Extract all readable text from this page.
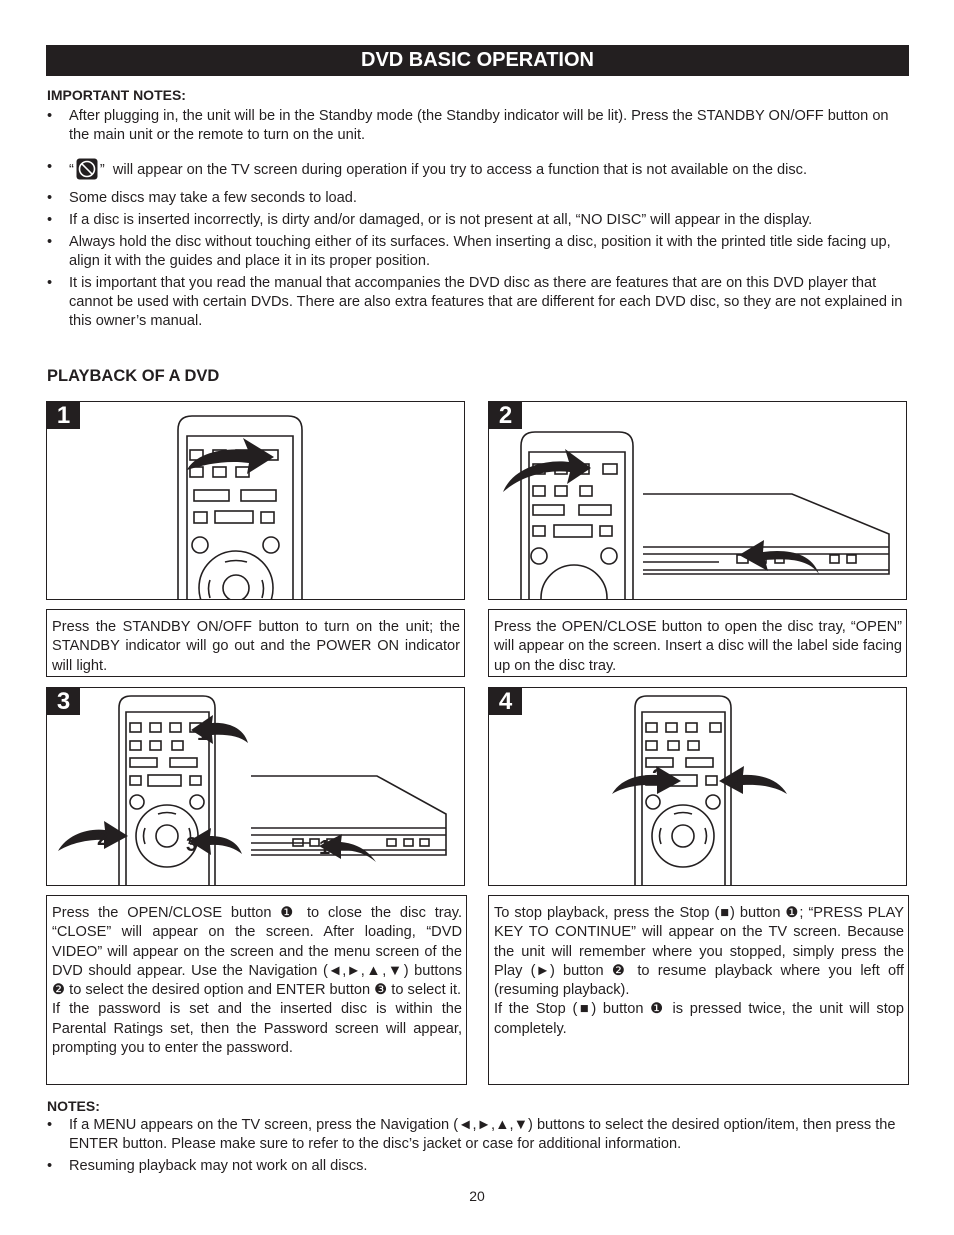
DVD BASIC OPERATION
IMPORTANT NOTES:
• After plugging in, the unit will be in the Standby mode (the Standby indicator will be lit). Press the STANDBY ON/OFF button on the main unit or the remote to turn on the unit.
• “ ”  will appear on the TV screen during operation if you try to access a function that is not available on the disc.
• Some discs may take a few seconds to load.
• If a disc is inserted incorrectly, is dirty and/or damaged, or is not present at all, “NO DISC” will appear in the display.
• Always hold the disc without touching either of its surfaces. When inserting a disc, position it with the printed title side facing up, align it with the guides and place it in its proper position.
• It is important that you read the manual that accompanies the DVD disc as there are features that are on this DVD player that cannot be used with certain DVDs. There are also extra features that are different for each DVD disc, so they are not explained in this owner’s manual.
PLAYBACK OF A DVD
1	2

Press the STANDBY ON/OFF button to turn on the unit; the STANDBY indicator will go out and the POWER ON indicator will light.

Press the OPEN/CLOSE button to open the disc tray, “OPEN” will appear on the screen. Insert a disc will the label side facing up on the disc tray.

3
1
2	3	1
4
2	1

Press the OPEN/CLOSE button ❶ to close the disc tray. “CLOSE” will appear on the screen. After loading, “DVD VIDEO” will appear on the screen and the menu screen of the DVD should appear. Use the Navigation (◄,►,▲,▼) buttons ❷ to select the desired option and ENTER button ❸ to select it.

If the password is set and the inserted disc is within the Parental Ratings set, then the Password screen will appear, prompting you to enter the password.

To stop playback, press the Stop (■) button ❶; “PRESS PLAY KEY TO CONTINUE” will appear on the TV screen. Because the unit will remember where you stopped, simply press the Play (►) button ❷ to resume playback where you left off (resuming playback).

If the Stop (■) button ❶ is pressed twice, the unit will stop completely.

NOTES:
• If a MENU appears on the TV screen, press the Navigation (◄,►,▲,▼) buttons to select the desired option/item, then press the ENTER button. Please make sure to refer to the disc’s jacket or case for additional information.
• Resuming playback may not work on all discs.
20
